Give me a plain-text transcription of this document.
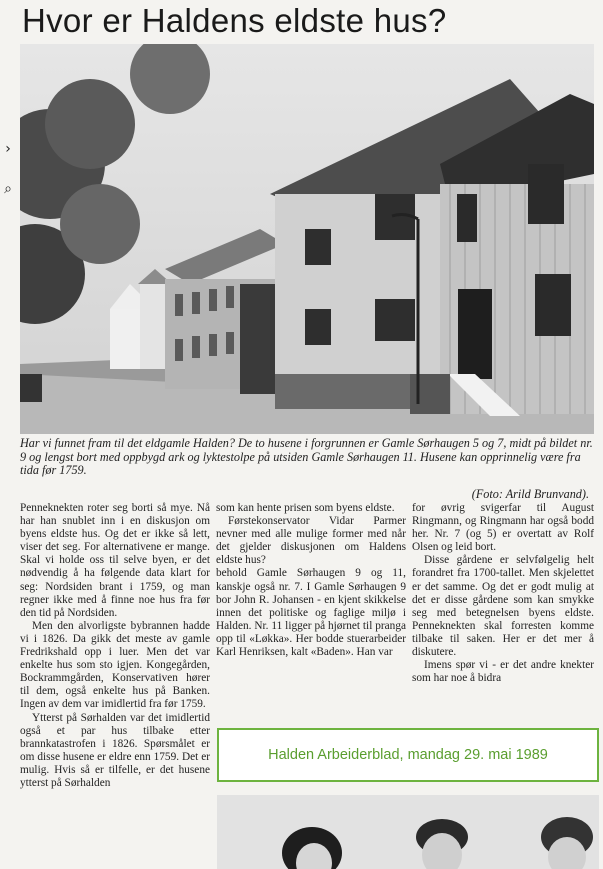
Hvor er Haldens eldste hus?
›
⌕
Har vi funnet fram til det eldgamle Halden? De to husene i forgrunnen er Gamle Sørhaugen 5 og 7, midt på bildet nr. 9 og lengst bort med oppbygd ark og lyktestolpe på utsiden Gamle Sørhaugen 11. Husene kan opprinnelig være fra tida før 1759.
(Foto: Arild Brunvand).

Penneknekten roter seg borti så mye. Nå har han snublet inn i en diskusjon om byens eldste hus. Og det er ikke så lett, viser det seg. For alternativene er mange. Skal vi holde oss til selve byen, er det nødvendig å ha følgende data klart for seg: Nordsiden brant i 1759, og man regner ikke med å finne noe hus fra før den tid på Nordsiden.

Men den alvorligste bybrannen hadde vi i 1826. Da gikk det meste av gamle Fredrikshald opp i luer. Men det var enkelte hus som sto igjen. Kongegården, Bockrammgården, Konservativen hører til dem, også enkelte hus på Banken. Ingen av dem var imidlertid fra før 1759.

Ytterst på Sørhalden var det imidlertid også et par hus tilbake etter brannkatastrofen i 1826. Spørsmålet er om disse husene er eldre enn 1759. Det er mulig. Hvis så er tilfelle, er det husene ytterst på Sørhalden

som kan hente prisen som byens eldste.

Førstekonservator Vidar Parmer nevner med alle mulige former med når det gjelder diskusjonen om Haldens eldste hus?

behold Gamle Sørhaugen 9 og 11, kanskje også nr. 7. I Gamle Sørhaugen 9 bor John R. Johansen - en kjent skikkelse innen det politiske og faglige miljø i Halden. Nr. 11 ligger på hjørnet til pranga opp til «Løkka». Her bodde stuerarbeider Karl Henriksen, kalt «Baden». Han var

for øvrig svigerfar til August Ringmann, og Ringmann har også bodd her. Nr. 7 (og 5) er overtatt av Rolf Olsen og leid bort.

Disse gårdene er selvfølgelig helt forandret fra 1700-tallet. Men skjelettet er det samme. Og det er godt mulig at det er disse gårdene som kan smykke seg med betegnelsen byens eldste. Penneknekten skal forresten komme tilbake til saken. Her er det mer å diskutere.

Imens spør vi - er det andre knekter som har noe å bidra

Halden Arbeiderblad, mandag 29. mai 1989
